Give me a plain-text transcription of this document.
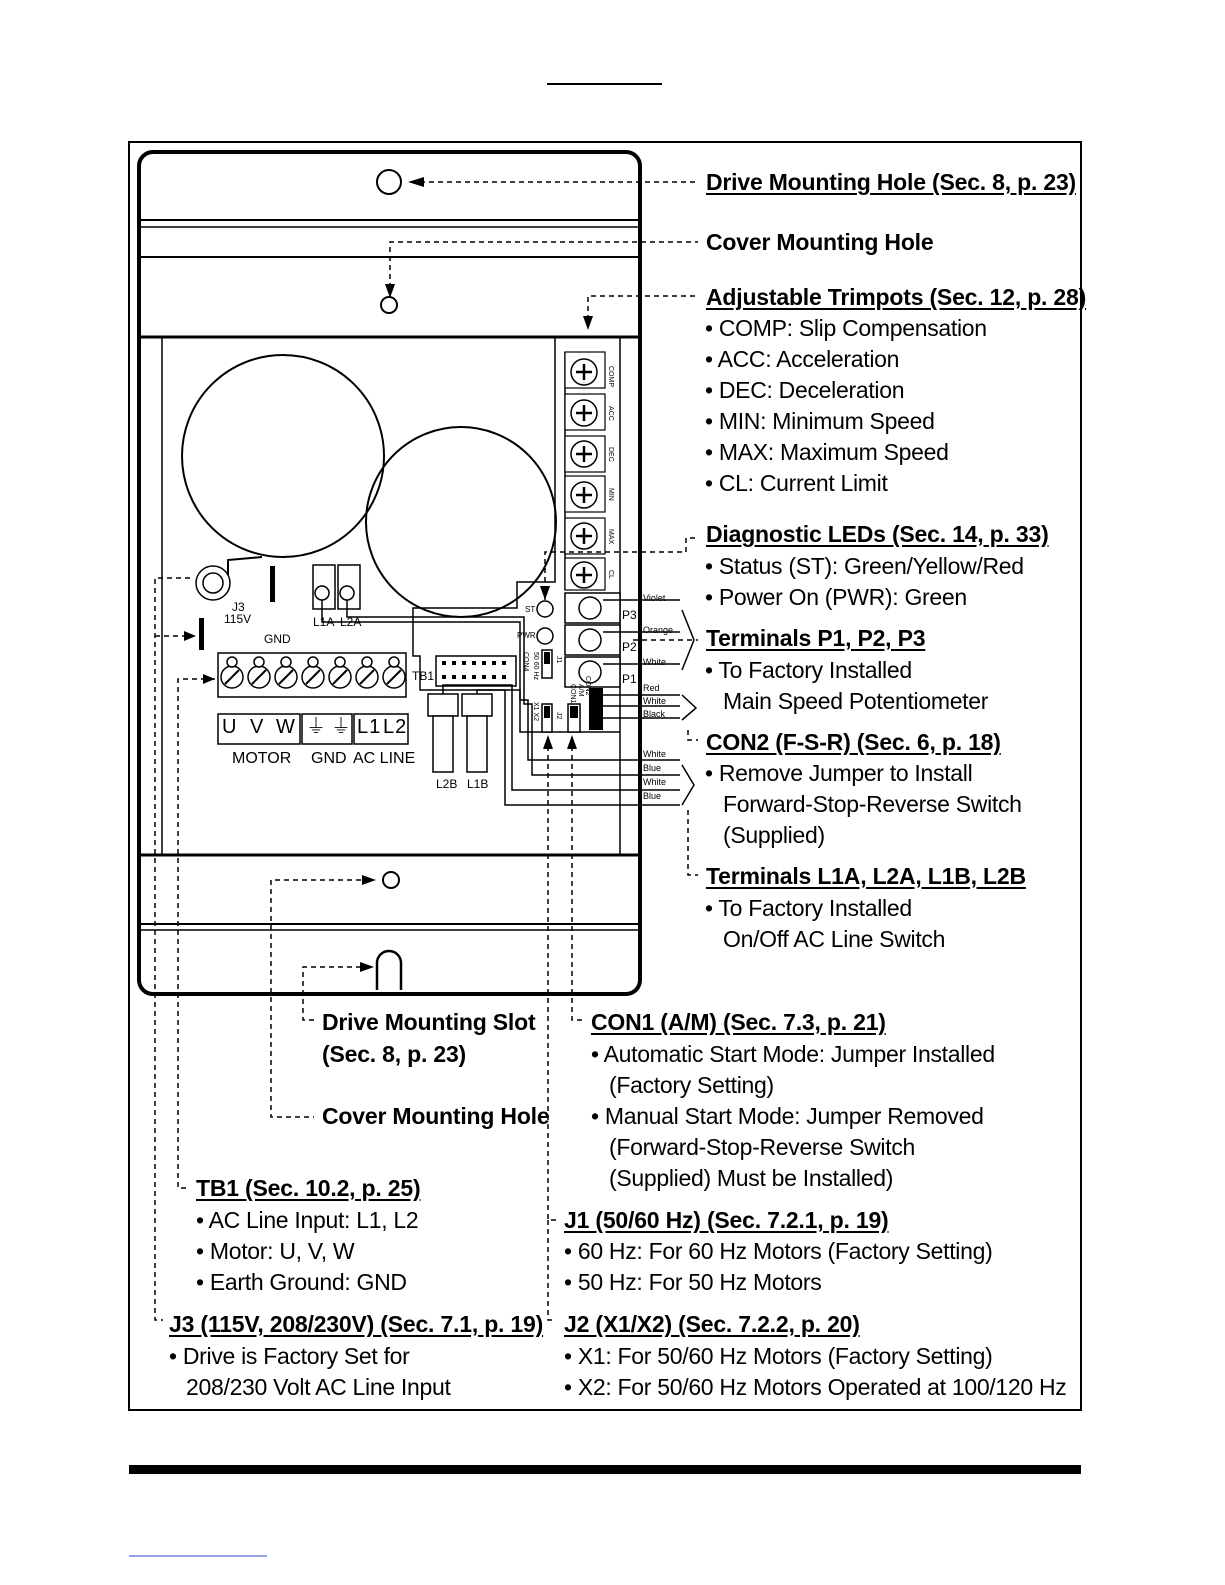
COMP
ACC
DEC
MIN
MAX
CL
ST
PWR
P3
P2
P1
Violet
Orange
White
Red
White
Black
White
Blue
White
Blue
J3
115V
GND
L1A L2A
L2B L1B
TB1
CON4 50 60 Hz
X1 X2
J1
J2
CON1 A/M CON2
U V W ⏚ ⏚ L1 L2
MOTOR GND AC LINE
Drive Mounting Hole (Sec. 8, p. 23)
Cover Mounting Hole
Adjustable Trimpots (Sec. 12, p. 28)
• COMP: Slip Compensation
• ACC: Acceleration
• DEC: Deceleration
• MIN: Minimum Speed
• MAX: Maximum Speed
• CL: Current Limit
Diagnostic LEDs (Sec. 14, p. 33)
• Status (ST): Green/Yellow/Red
• Power On (PWR): Green
Terminals P1, P2, P3
• To Factory Installed
Main Speed Potentiometer
CON2 (F-S-R) (Sec. 6, p. 18)
• Remove Jumper to Install
Forward-Stop-Reverse Switch
(Supplied)
Terminals L1A, L2A, L1B, L2B
• To Factory Installed
On/Off AC Line Switch
Drive Mounting Slot
(Sec. 8, p. 23)
Cover Mounting Hole
TB1 (Sec. 10.2, p. 25)
• AC Line Input: L1, L2
• Motor: U, V, W
• Earth Ground: GND
J3 (115V, 208/230V) (Sec. 7.1, p. 19)
• Drive is Factory Set for
208/230 Volt AC Line Input
CON1 (A/M) (Sec. 7.3, p. 21)
• Automatic Start Mode: Jumper Installed
(Factory Setting)
• Manual Start Mode: Jumper Removed
(Forward-Stop-Reverse Switch
(Supplied) Must be Installed)
J1 (50/60 Hz) (Sec. 7.2.1, p. 19)
• 60 Hz: For 60 Hz Motors (Factory Setting)
• 50 Hz: For 50 Hz Motors
J2 (X1/X2) (Sec. 7.2.2, p. 20)
• X1: For 50/60 Hz Motors (Factory Setting)
• X2: For 50/60 Hz Motors Operated at 100/120 Hz
